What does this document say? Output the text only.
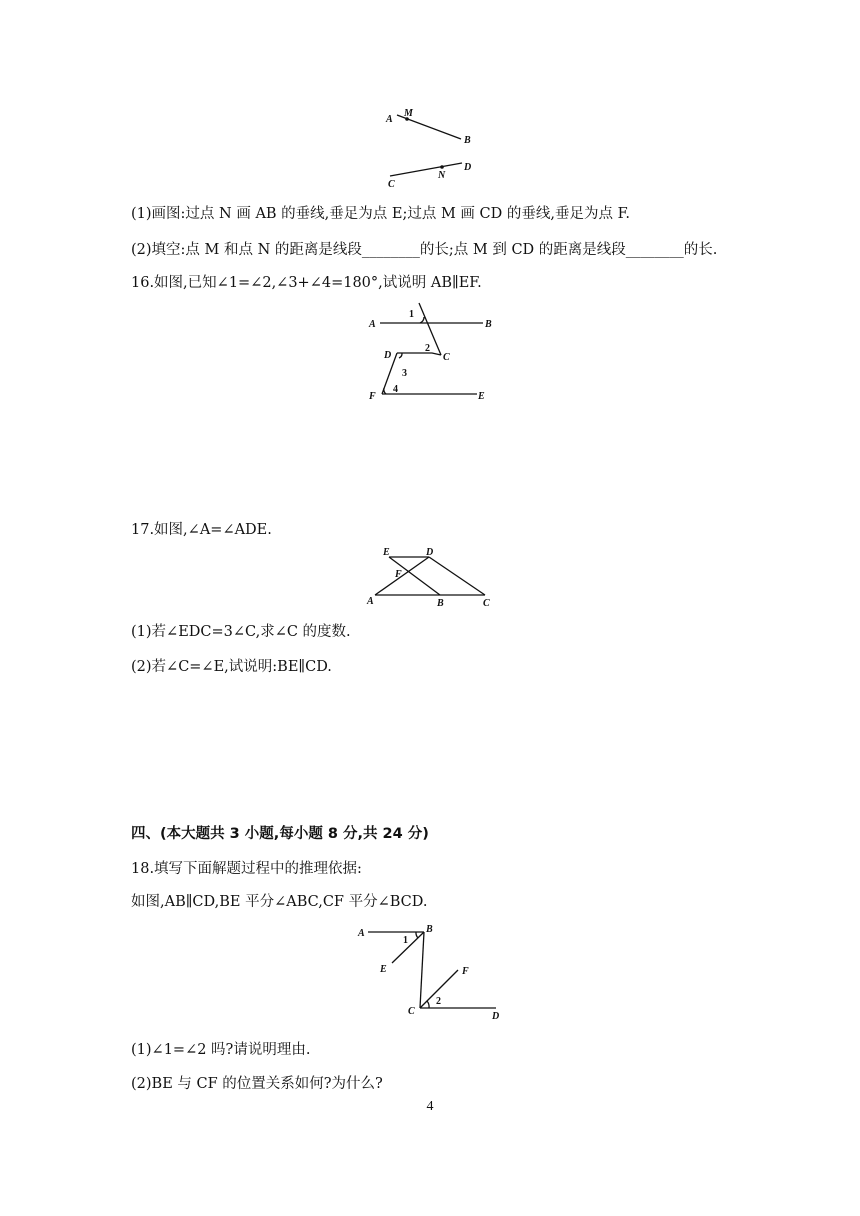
A
M
B
C
N
D
(1)画图:过点 N 画 AB 的垂线,垂足为点 E;过点 M 画 CD 的垂线,垂足为点 F.
(2)填空:点 M 和点 N 的距离是线段________的长;点 M 到 CD 的距离是线段________的长.
16.如图,已知∠1=∠2,∠3+∠4=180°,试说明 AB∥EF.
A	B
1
2
C
D
3
4
F	E
17.如图,∠A=∠ADE.
E	D
F
A	B	C
(1)若∠EDC=3∠C,求∠C 的度数.
(2)若∠C=∠E,试说明:BE∥CD.
四、(本大题共 3 小题,每小题 8 分,共 24 分)
18.填写下面解题过程中的推理依据:
如图,AB∥CD,BE 平分∠ABC,CF 平分∠BCD.
A	B
1
E	F
2
C	D
(1)∠1=∠2 吗?请说明理由.
(2)BE 与 CF 的位置关系如何?为什么?
4
